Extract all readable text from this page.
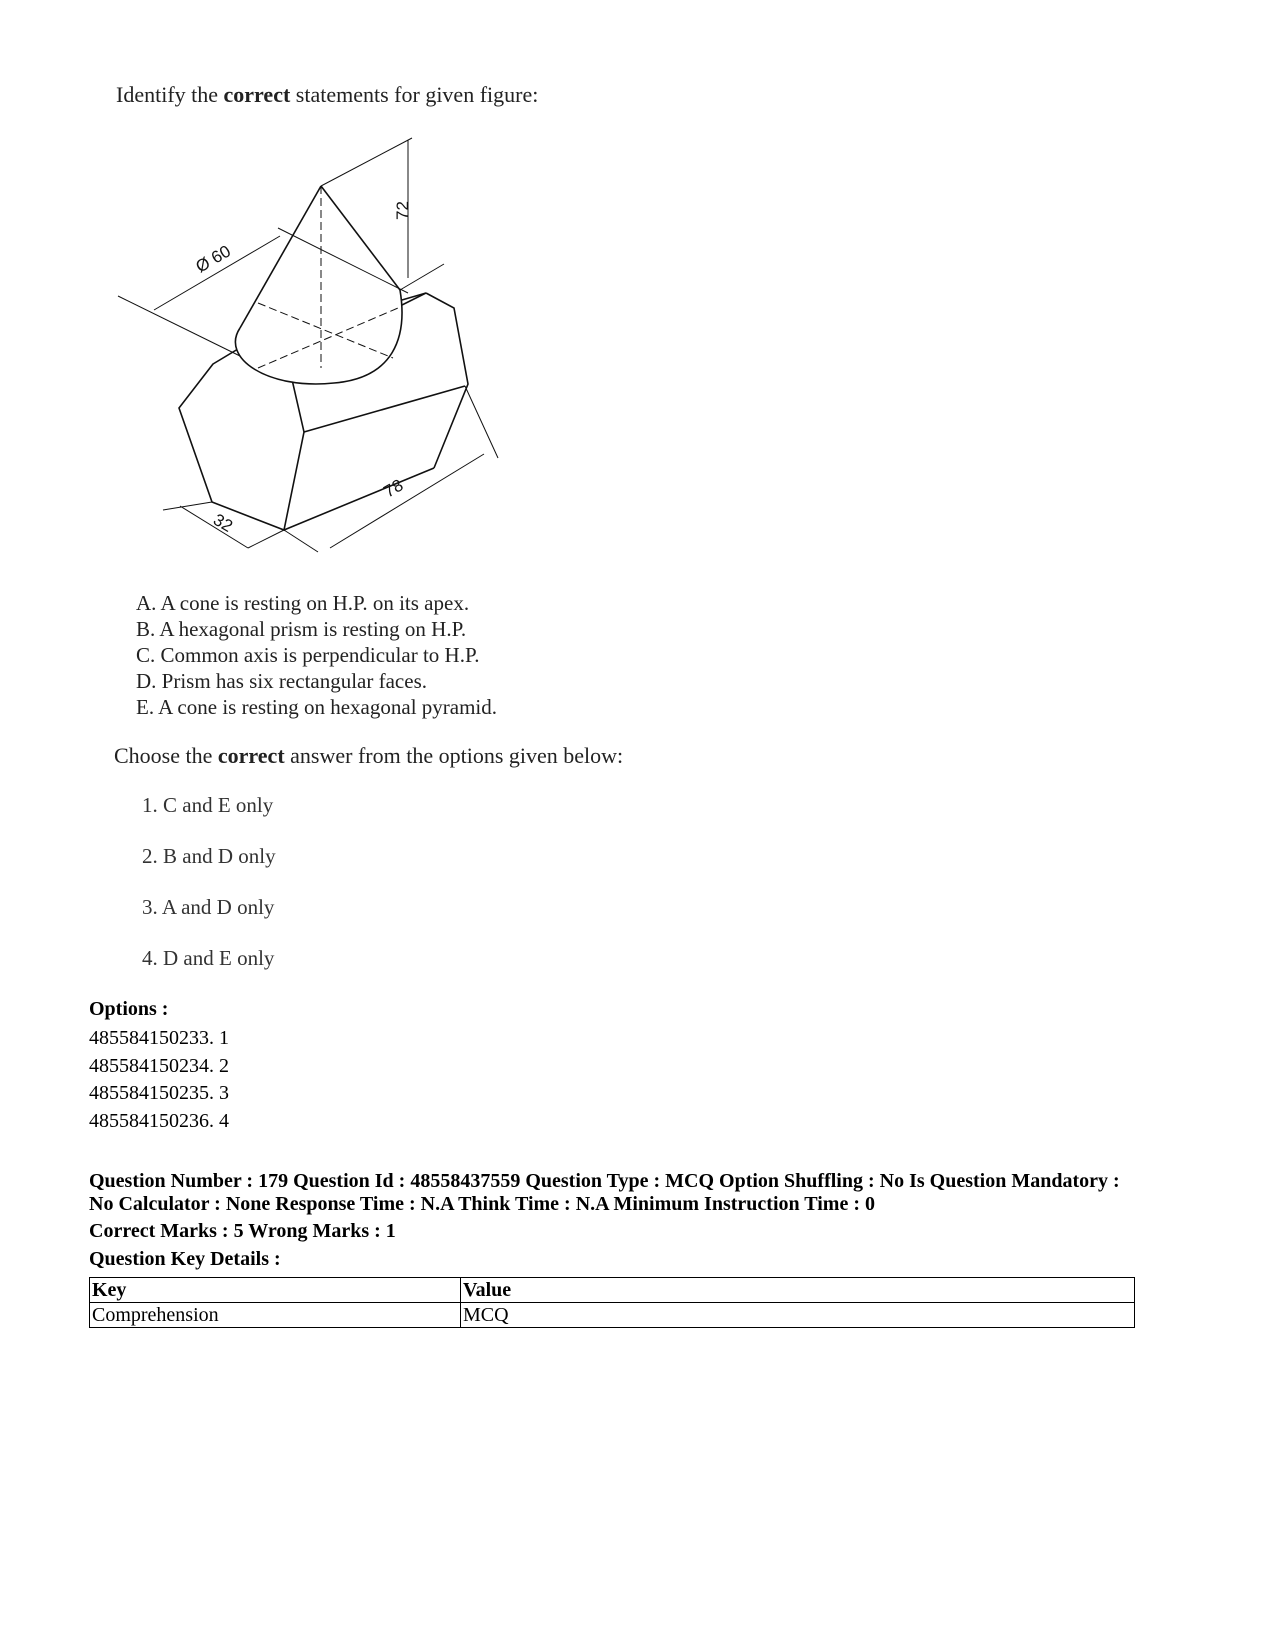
Identify the correct statements for given figure:
Ø 60
72
78
32
A. A cone is resting on H.P. on its apex.
B. A hexagonal prism is resting on H.P.
C. Common axis is perpendicular to H.P.
D. Prism has six rectangular faces.
E. A cone is resting on hexagonal pyramid.
Choose the correct answer from the options given below:
1. C and E only
2. B and D only
3. A and D only
4. D and E only
Options :
485584150233. 1
485584150234. 2
485584150235. 3
485584150236. 4
Question Number : 179 Question Id : 48558437559 Question Type : MCQ Option Shuffling : No Is Question Mandatory : No Calculator : None Response Time : N.A Think Time : N.A Minimum Instruction Time : 0
Correct Marks : 5 Wrong Marks : 1
Question Key Details :
Key	Value
Comprehension	MCQ
